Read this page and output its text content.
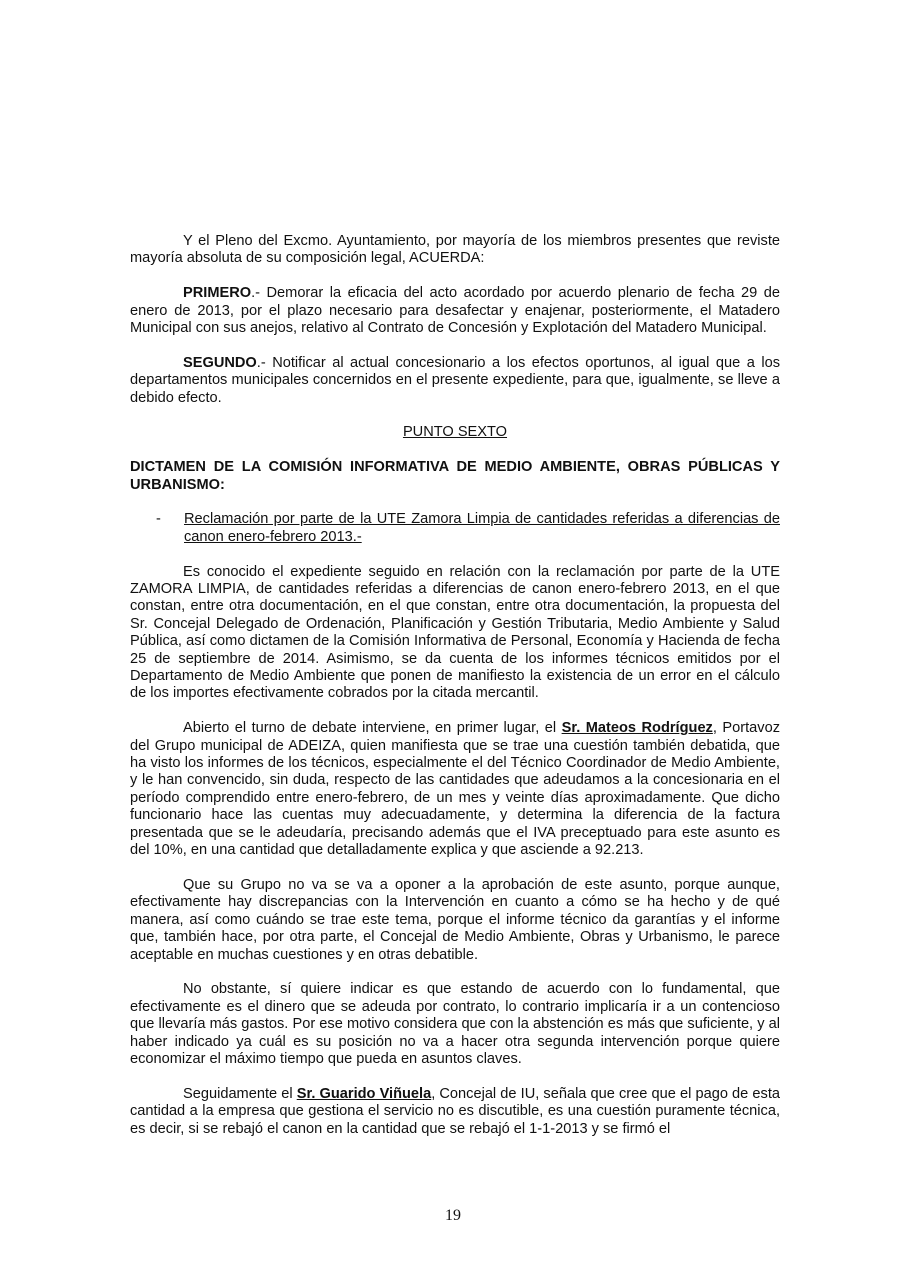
Y el Pleno del Excmo. Ayuntamiento, por mayoría de los miembros presentes que reviste mayoría absoluta de su composición legal, ACUERDA:

PRIMERO.- Demorar la eficacia del acto acordado por acuerdo plenario de fecha 29 de enero de 2013, por el plazo necesario para desafectar y enajenar, posteriormente, el Matadero Municipal con sus anejos, relativo al Contrato de Concesión y Explotación del Matadero Municipal.

SEGUNDO.- Notificar al actual concesionario a los efectos oportunos, al igual que a los departamentos municipales concernidos en el presente expediente, para que, igualmente, se lleve a debido efecto.

PUNTO SEXTO

DICTAMEN DE LA COMISIÓN INFORMATIVA DE MEDIO AMBIENTE, OBRAS PÚBLICAS Y URBANISMO:
-	Reclamación por parte de la UTE Zamora Limpia de cantidades referidas a diferencias de canon enero-febrero 2013.-

Es conocido el expediente seguido en relación con la reclamación por parte de la UTE ZAMORA LIMPIA, de cantidades referidas a diferencias de canon enero-febrero 2013, en el que constan, entre otra documentación, en el que constan, entre otra documentación, la propuesta del Sr. Concejal Delegado de Ordenación, Planificación y Gestión Tributaria, Medio Ambiente y Salud Pública, así como dictamen de la Comisión Informativa de Personal, Economía y Hacienda de fecha 25 de septiembre de 2014. Asimismo, se da cuenta de los informes técnicos emitidos por el Departamento de Medio Ambiente que ponen de manifiesto la existencia de un error en el cálculo de los importes efectivamente cobrados por la citada mercantil.

Abierto el turno de debate interviene, en primer lugar, el Sr. Mateos Rodríguez, Portavoz del Grupo municipal de ADEIZA, quien manifiesta que se trae una cuestión también debatida, que ha visto los informes de los técnicos, especialmente el del Técnico Coordinador de Medio Ambiente, y le han convencido, sin duda, respecto de las cantidades que adeudamos a la concesionaria en el período comprendido entre enero-febrero, de un mes y veinte días aproximadamente. Que dicho funcionario hace las cuentas muy adecuadamente, y determina la diferencia de la factura presentada que se le adeudaría, precisando además que el IVA preceptuado para este asunto es del 10%, en una cantidad que detalladamente explica y que asciende a 92.213.

Que su Grupo no va se va a oponer a la aprobación de este asunto, porque aunque, efectivamente hay discrepancias con la Intervención en cuanto a cómo se ha hecho y de qué manera, así como cuándo se trae este tema, porque el informe técnico da garantías y el informe que, también hace, por otra parte, el Concejal de Medio Ambiente, Obras y Urbanismo, le parece aceptable en muchas cuestiones y en otras debatible.

No obstante, sí quiere indicar es que estando de acuerdo con lo fundamental, que efectivamente es el dinero que se adeuda por contrato, lo contrario implicaría ir a un contencioso que llevaría más gastos. Por ese motivo considera que con la abstención es más que suficiente, y al haber indicado ya cuál es su posición no va a hacer otra segunda intervención porque quiere economizar el máximo tiempo que pueda en asuntos claves.

Seguidamente el Sr. Guarido Viñuela, Concejal de IU, señala que cree que el pago de esta cantidad a la empresa que gestiona el servicio no es discutible, es una cuestión puramente técnica, es decir, si se rebajó el canon en la cantidad que se rebajó el 1-1-2013 y se firmó el

19
